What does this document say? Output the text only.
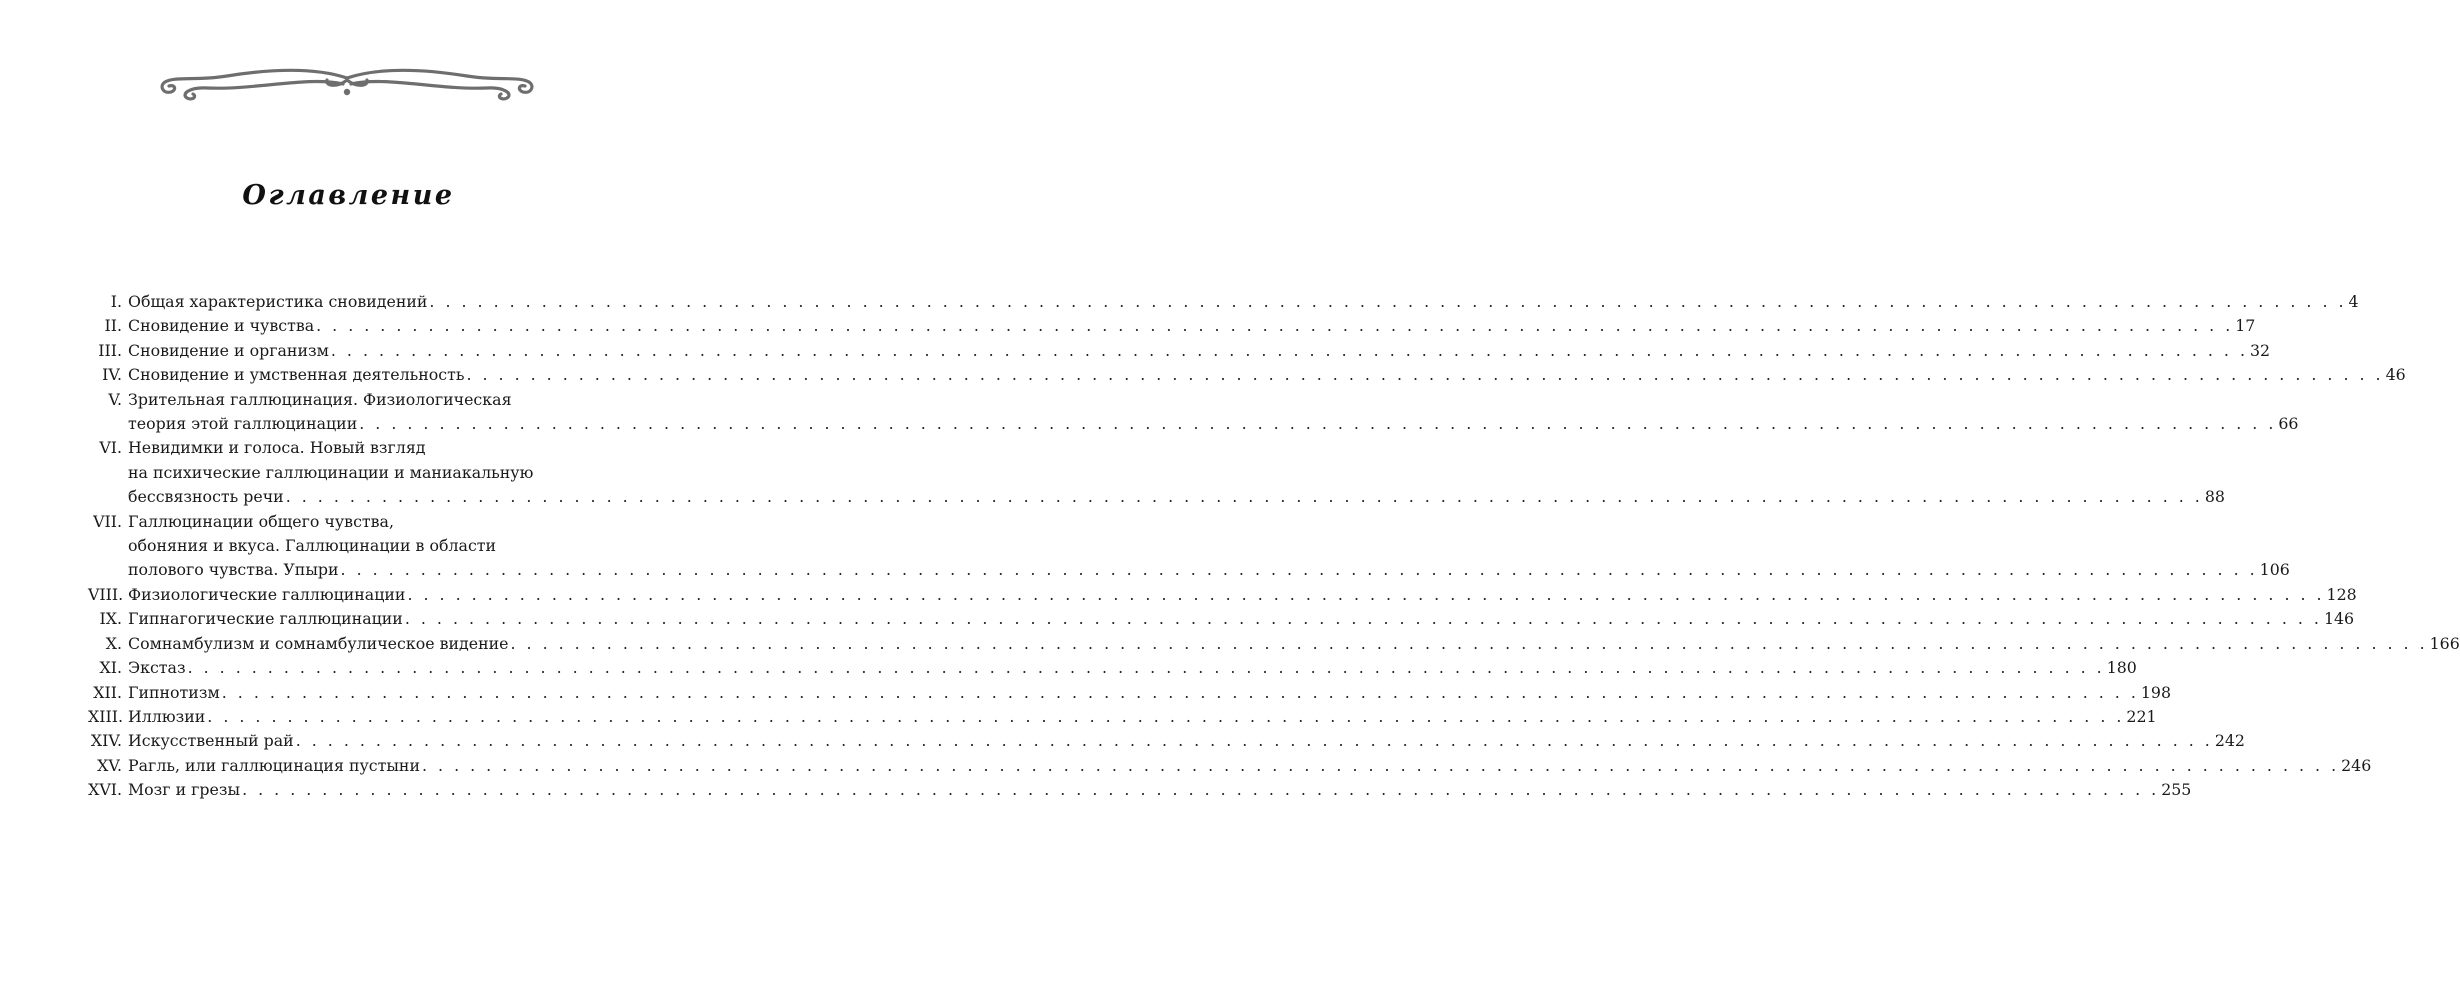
Оглавление
I. Общая характеристика сновидений . . . . . . . . . . . . . . . . . . . . . . . . . . . . . . . . . . . . . . . . . . . . . . . . . . . . . . . . . . . . . . . . . . . . . . . . . . . . . . . . . . . . . . . . . . . . . . . . . . . . . . . . . . . . . . . . . . . . . . . . 4
II. Сновидение и чувства . . . . . . . . . . . . . . . . . . . . . . . . . . . . . . . . . . . . . . . . . . . . . . . . . . . . . . . . . . . . . . . . . . . . . . . . . . . . . . . . . . . . . . . . . . . . . . . . . . . . . . . . . . . . . . . . . . . . . . . . 17
III. Сновидение и организм . . . . . . . . . . . . . . . . . . . . . . . . . . . . . . . . . . . . . . . . . . . . . . . . . . . . . . . . . . . . . . . . . . . . . . . . . . . . . . . . . . . . . . . . . . . . . . . . . . . . . . . . . . . . . . . . . . . . . . . . 32
IV. Сновидение и умственная деятельность . . . . . . . . . . . . . . . . . . . . . . . . . . . . . . . . . . . . . . . . . . . . . . . . . . . . . . . . . . . . . . . . . . . . . . . . . . . . . . . . . . . . . . . . . . . . . . . . . . . . . . . . . . . . . . . . . . . . . . . . 46
V. Зрительная галлюцинация. Физиологическая
теория этой галлюцинации . . . . . . . . . . . . . . . . . . . . . . . . . . . . . . . . . . . . . . . . . . . . . . . . . . . . . . . . . . . . . . . . . . . . . . . . . . . . . . . . . . . . . . . . . . . . . . . . . . . . . . . . . . . . . . . . . . . . . . . . 66
VI. Невидимки и голоса. Новый взгляд
на психические галлюцинации и маниакальную
бессвязность речи . . . . . . . . . . . . . . . . . . . . . . . . . . . . . . . . . . . . . . . . . . . . . . . . . . . . . . . . . . . . . . . . . . . . . . . . . . . . . . . . . . . . . . . . . . . . . . . . . . . . . . . . . . . . . . . . . . . . . . . . 88
VII. Галлюцинации общего чувства,
обоняния и вкуса. Галлюцинации в области
полового чувства. Упыри . . . . . . . . . . . . . . . . . . . . . . . . . . . . . . . . . . . . . . . . . . . . . . . . . . . . . . . . . . . . . . . . . . . . . . . . . . . . . . . . . . . . . . . . . . . . . . . . . . . . . . . . . . . . . . . . . . . . . . . . 106
VIII. Физиологические галлюцинации . . . . . . . . . . . . . . . . . . . . . . . . . . . . . . . . . . . . . . . . . . . . . . . . . . . . . . . . . . . . . . . . . . . . . . . . . . . . . . . . . . . . . . . . . . . . . . . . . . . . . . . . . . . . . . . . . . . . . . . . 128
IX. Гипнагогические галлюцинации . . . . . . . . . . . . . . . . . . . . . . . . . . . . . . . . . . . . . . . . . . . . . . . . . . . . . . . . . . . . . . . . . . . . . . . . . . . . . . . . . . . . . . . . . . . . . . . . . . . . . . . . . . . . . . . . . . . . . . . . 146
X. Сомнамбулизм и сомнамбулическое видение . . . . . . . . . . . . . . . . . . . . . . . . . . . . . . . . . . . . . . . . . . . . . . . . . . . . . . . . . . . . . . . . . . . . . . . . . . . . . . . . . . . . . . . . . . . . . . . . . . . . . . . . . . . . . . . . . . . . . . . . 166
XI. Экстаз . . . . . . . . . . . . . . . . . . . . . . . . . . . . . . . . . . . . . . . . . . . . . . . . . . . . . . . . . . . . . . . . . . . . . . . . . . . . . . . . . . . . . . . . . . . . . . . . . . . . . . . . . . . . . . . . . . . . . . . . 180
XII. Гипнотизм . . . . . . . . . . . . . . . . . . . . . . . . . . . . . . . . . . . . . . . . . . . . . . . . . . . . . . . . . . . . . . . . . . . . . . . . . . . . . . . . . . . . . . . . . . . . . . . . . . . . . . . . . . . . . . . . . . . . . . . . 198
XIII. Иллюзии . . . . . . . . . . . . . . . . . . . . . . . . . . . . . . . . . . . . . . . . . . . . . . . . . . . . . . . . . . . . . . . . . . . . . . . . . . . . . . . . . . . . . . . . . . . . . . . . . . . . . . . . . . . . . . . . . . . . . . . . 221
XIV. Искусственный рай . . . . . . . . . . . . . . . . . . . . . . . . . . . . . . . . . . . . . . . . . . . . . . . . . . . . . . . . . . . . . . . . . . . . . . . . . . . . . . . . . . . . . . . . . . . . . . . . . . . . . . . . . . . . . . . . . . . . . . . . 242
XV. Рагль, или галлюцинация пустыни . . . . . . . . . . . . . . . . . . . . . . . . . . . . . . . . . . . . . . . . . . . . . . . . . . . . . . . . . . . . . . . . . . . . . . . . . . . . . . . . . . . . . . . . . . . . . . . . . . . . . . . . . . . . . . . . . . . . . . . . 246
XVI. Мозг и грезы . . . . . . . . . . . . . . . . . . . . . . . . . . . . . . . . . . . . . . . . . . . . . . . . . . . . . . . . . . . . . . . . . . . . . . . . . . . . . . . . . . . . . . . . . . . . . . . . . . . . . . . . . . . . . . . . . . . . . . . . 255
